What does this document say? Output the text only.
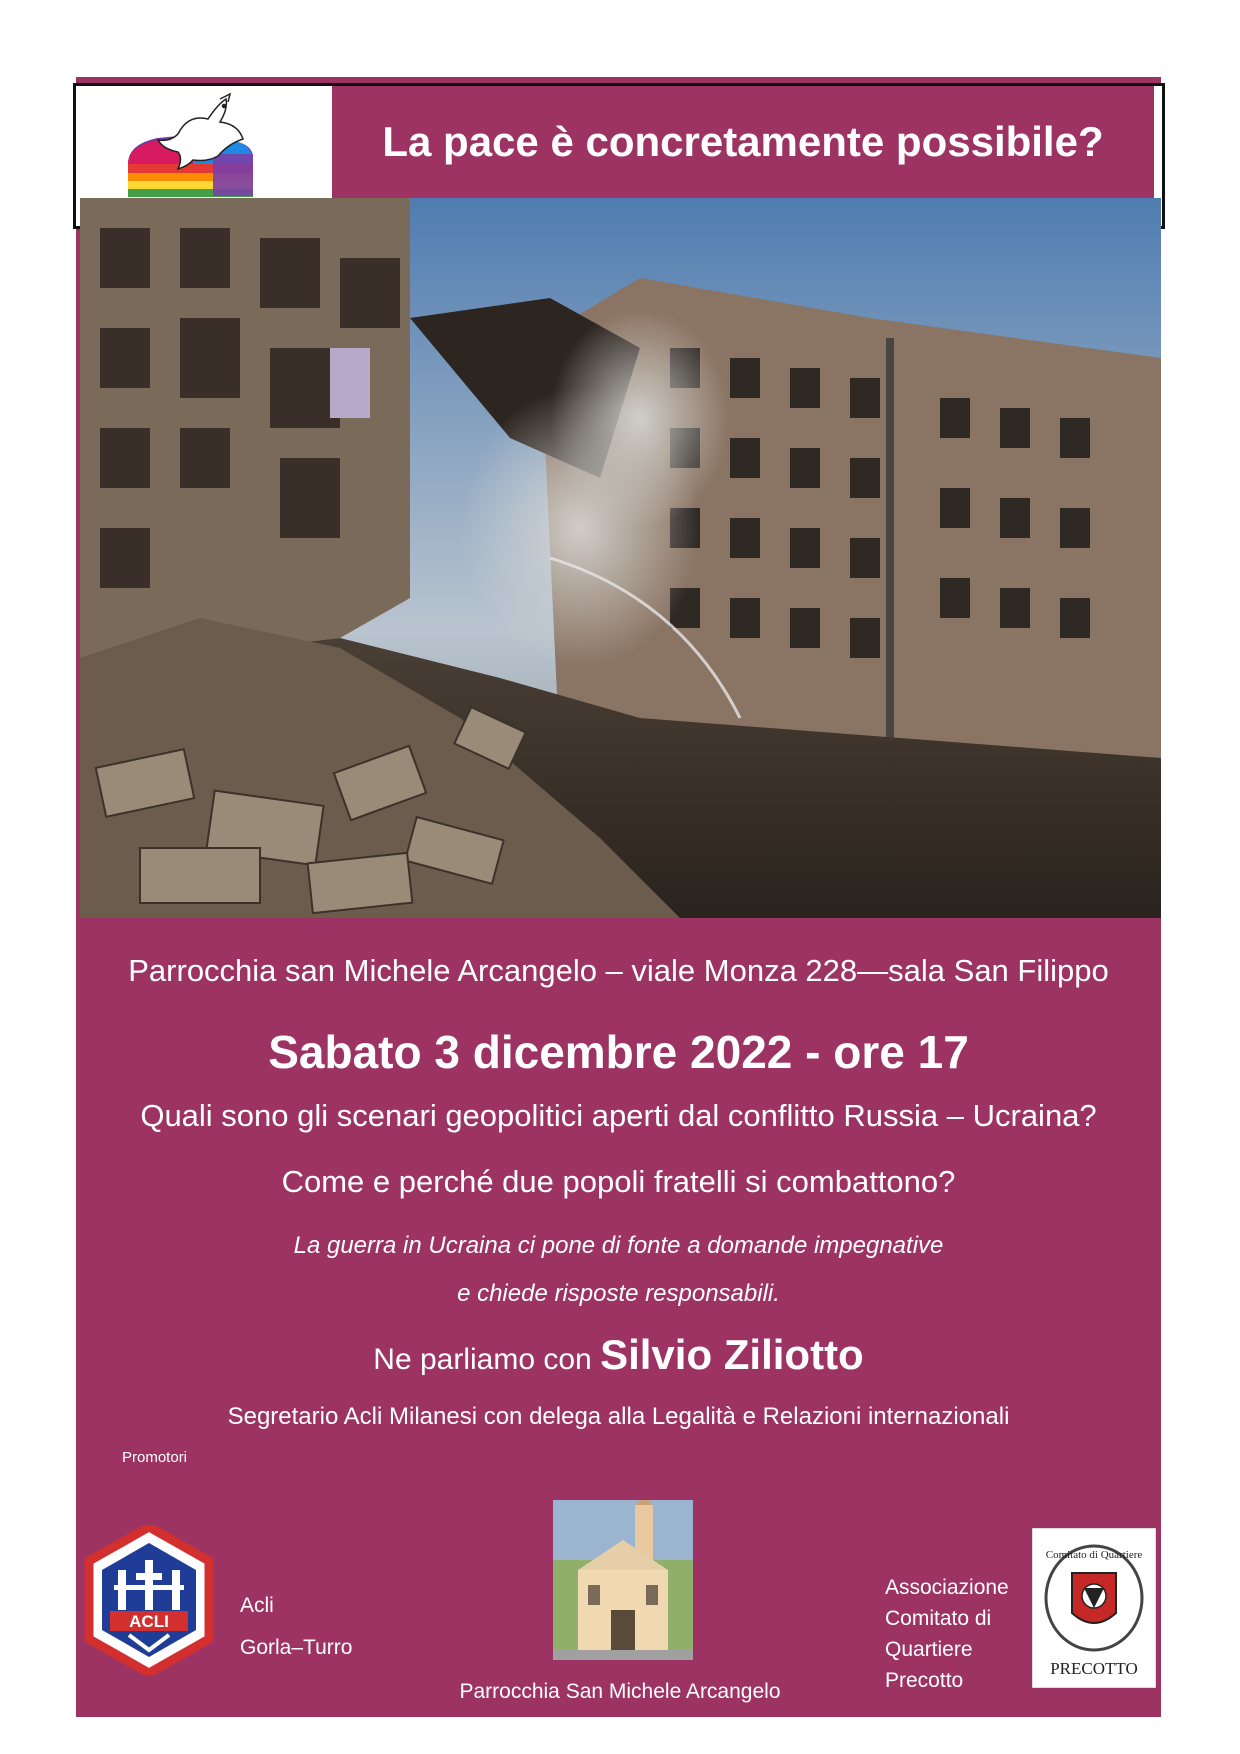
La pace è concretamente possibile?
Parrocchia san Michele Arcangelo – viale Monza 228—sala San Filippo
Sabato 3 dicembre 2022 - ore 17
Quali sono gli scenari geopolitici aperti dal conflitto Russia – Ucraina?
Come e perché due popoli fratelli si combattono?
La guerra in Ucraina ci pone di fonte a domande impegnative
e chiede risposte responsabili.
Ne parliamo con Silvio Ziliotto
Segretario Acli Milanesi con delega alla Legalità e Relazioni internazionali
Promotori
ACLI
Acli
Gorla–Turro
Parrocchia San Michele Arcangelo
Associazione
Comitato di
Quartiere
Precotto
Comitato di Quartiere
PRECOTTO
